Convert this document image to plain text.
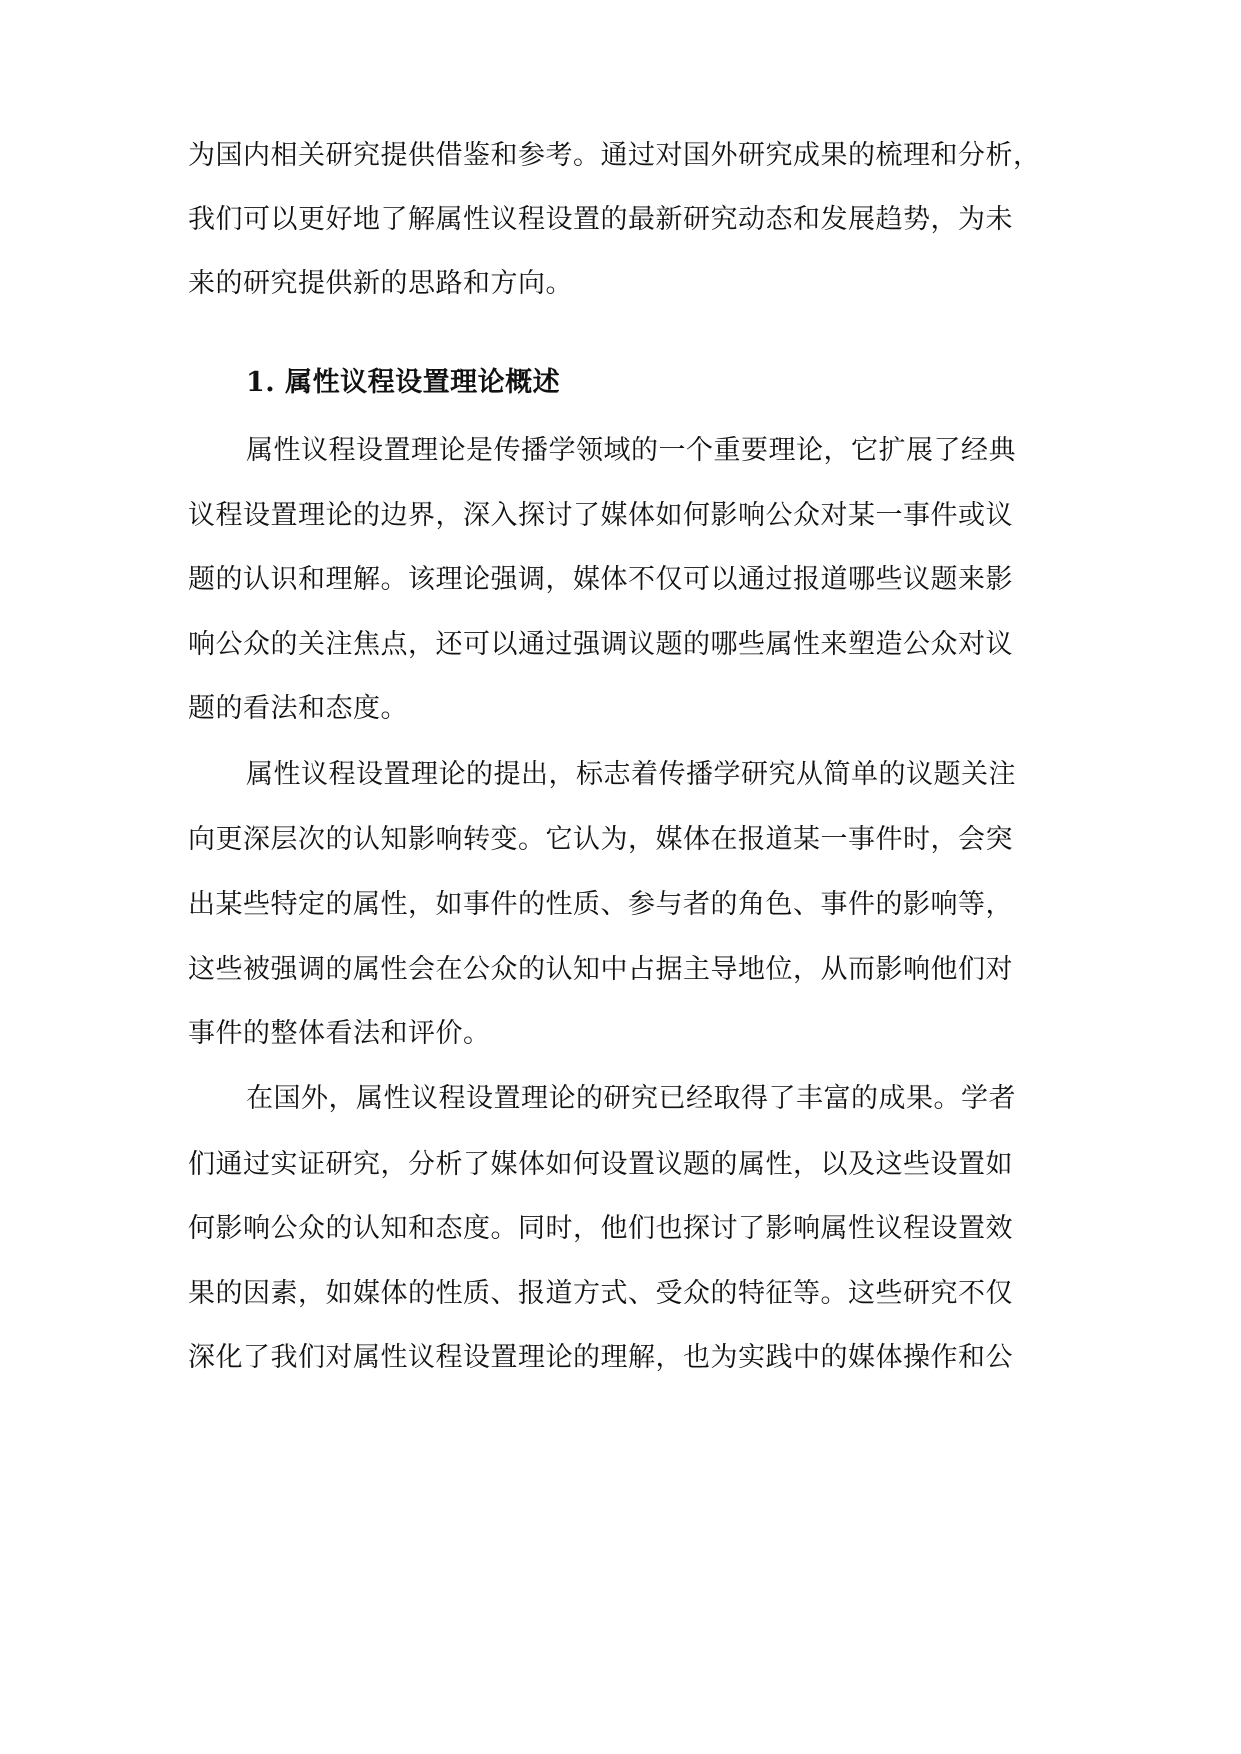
为国内相关研究提供借鉴和参考。通过对国外研究成果的梳理和分析，
我们可以更好地了解属性议程设置的最新研究动态和发展趋势，为未
来的研究提供新的思路和方向。
1. 属性议程设置理论概述
属性议程设置理论是传播学领域的一个重要理论，它扩展了经典
议程设置理论的边界，深入探讨了媒体如何影响公众对某一事件或议
题的认识和理解。该理论强调，媒体不仅可以通过报道哪些议题来影
响公众的关注焦点，还可以通过强调议题的哪些属性来塑造公众对议
题的看法和态度。
属性议程设置理论的提出，标志着传播学研究从简单的议题关注
向更深层次的认知影响转变。它认为，媒体在报道某一事件时，会突
出某些特定的属性，如事件的性质、参与者的角色、事件的影响等，
这些被强调的属性会在公众的认知中占据主导地位，从而影响他们对
事件的整体看法和评价。
在国外，属性议程设置理论的研究已经取得了丰富的成果。学者
们通过实证研究，分析了媒体如何设置议题的属性，以及这些设置如
何影响公众的认知和态度。同时，他们也探讨了影响属性议程设置效
果的因素，如媒体的性质、报道方式、受众的特征等。这些研究不仅
深化了我们对属性议程设置理论的理解，也为实践中的媒体操作和公
